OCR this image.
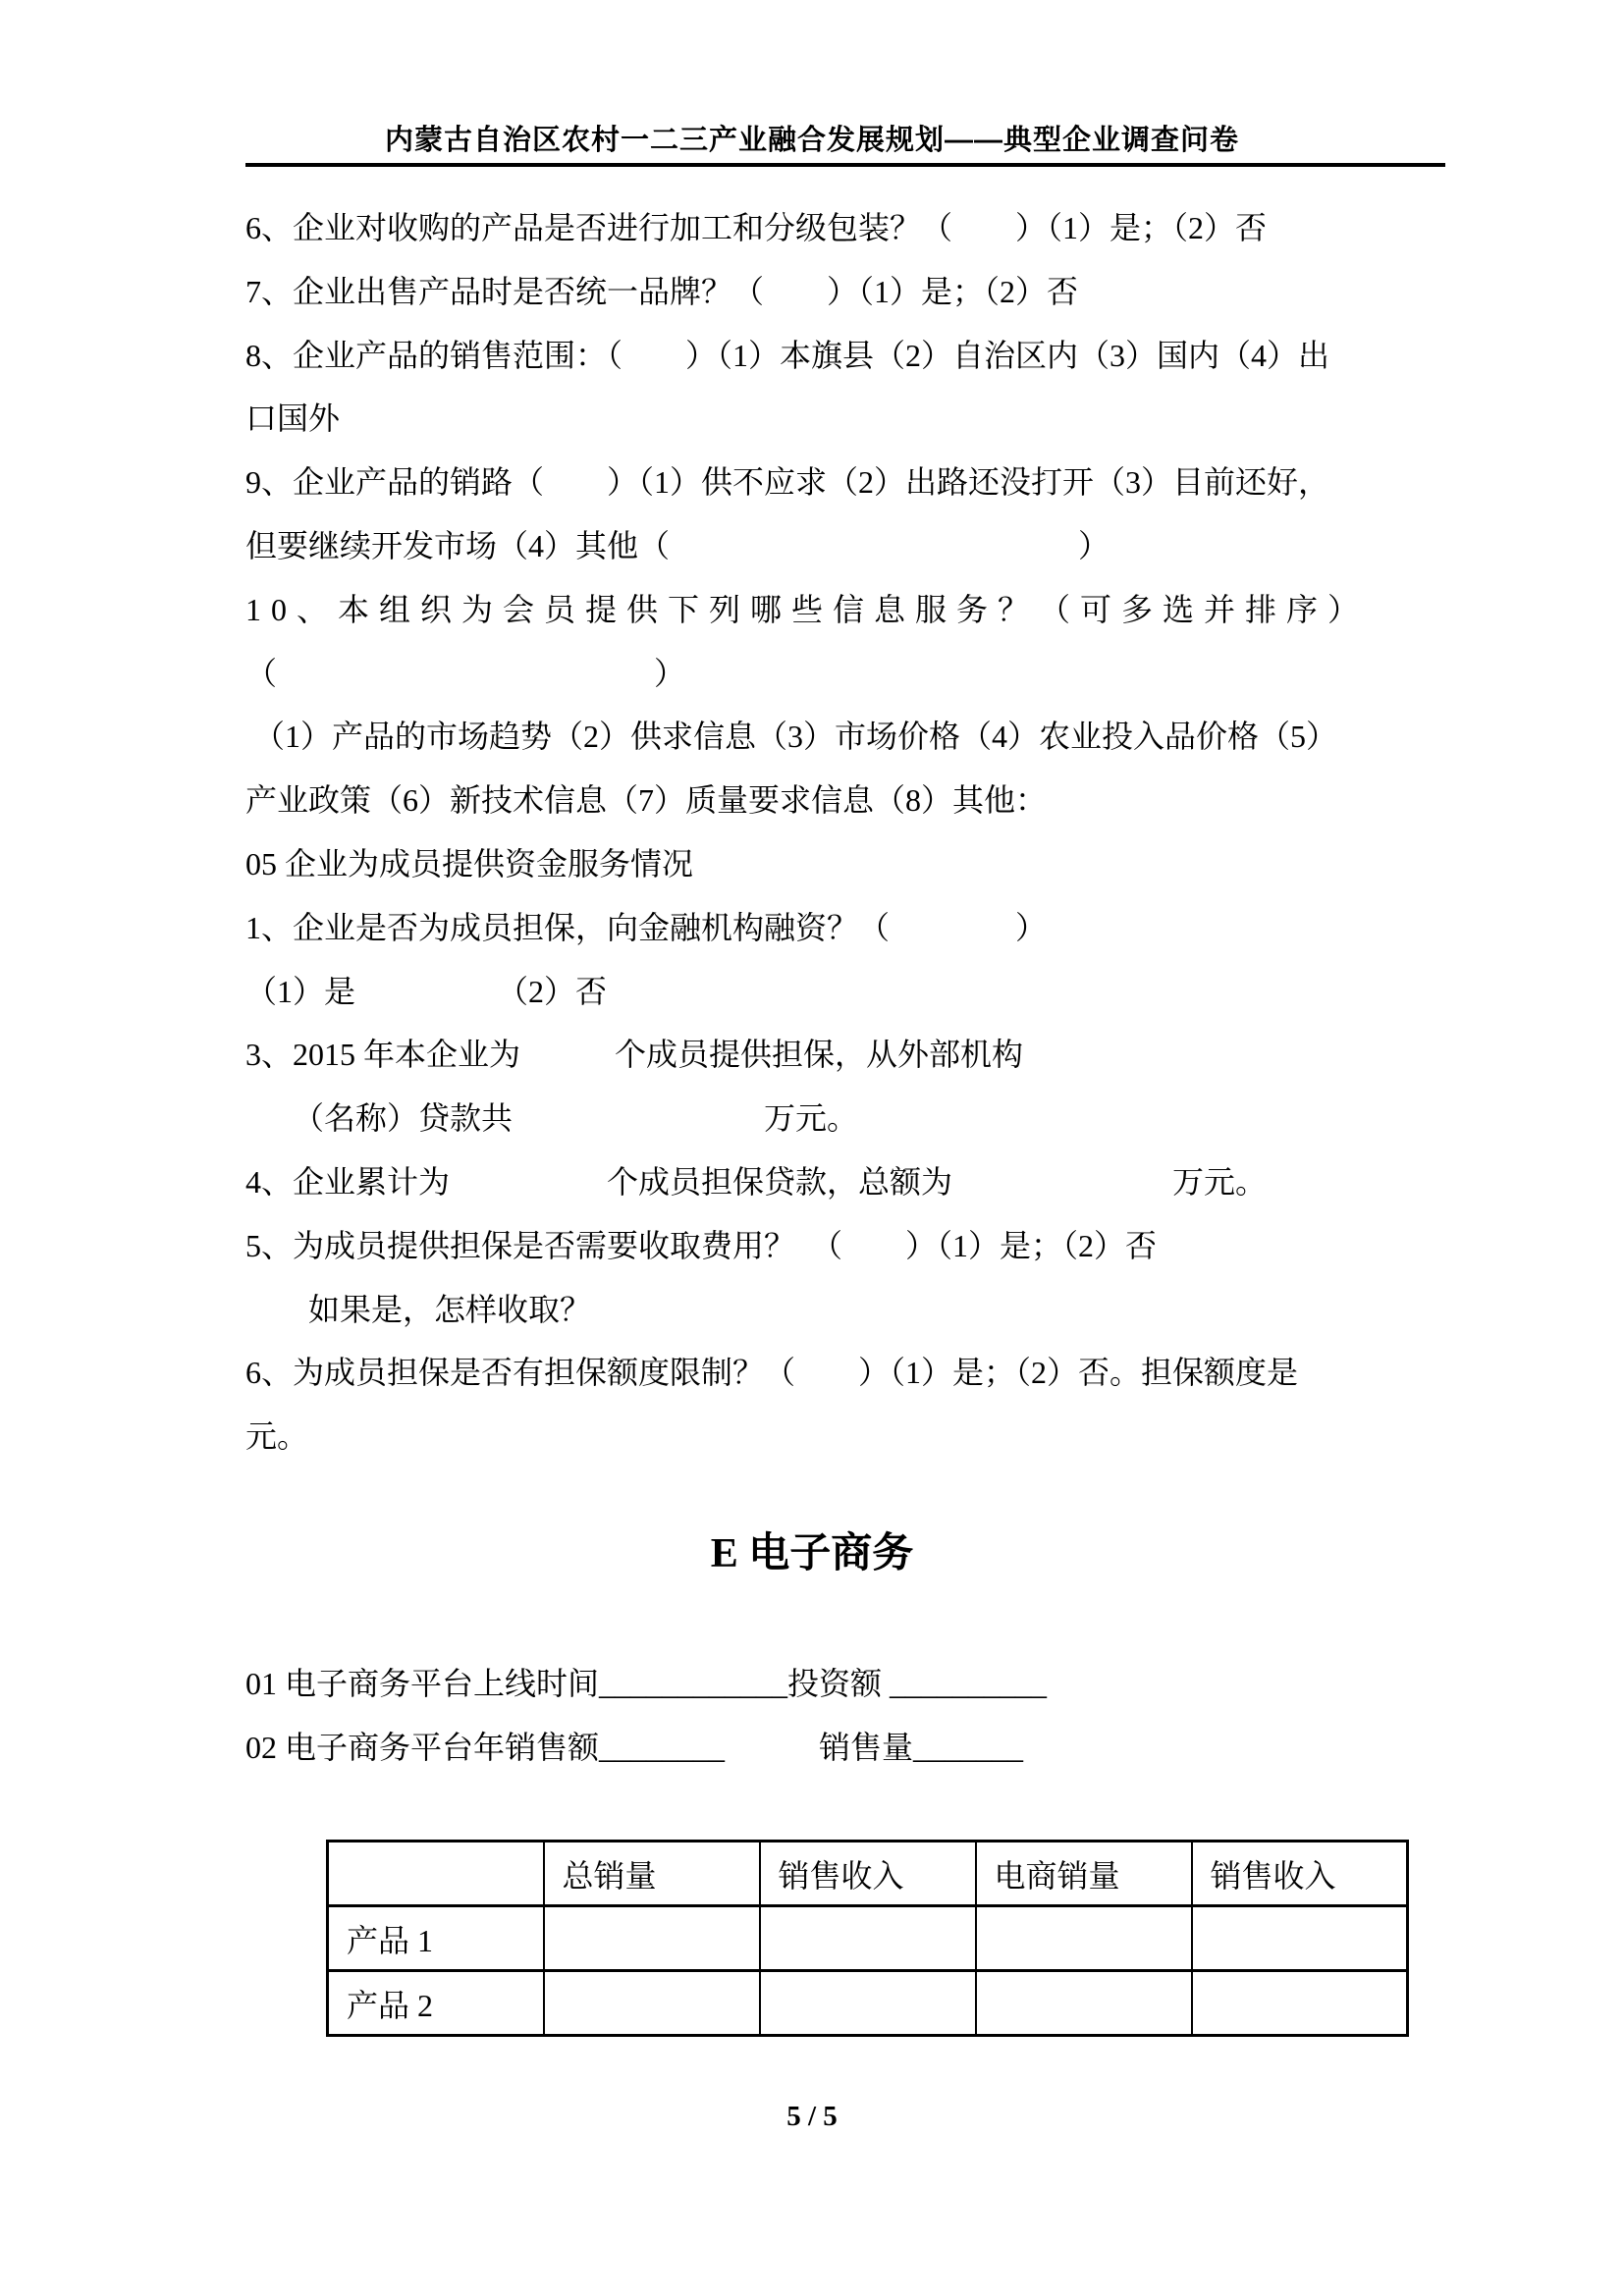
内蒙古自治区农村一二三产业融合发展规划——典型企业调查问卷
6、企业对收购的产品是否进行加工和分级包装？（　　）（1）是；（2）否
7、企业出售产品时是否统一品牌？（　　）（1）是；（2）否
8、企业产品的销售范围：（　　）（1）本旗县（2）自治区内（3）国内（4）出
口国外
9、企业产品的销路（　　）（1）供不应求（2）出路还没打开（3）目前还好，
但要继续开发市场（4）其他（　　　　　　　　　　　　　）
10、本组织为会员提供下列哪些信息服务？（可多选并排序）
（　　　　　　　　　　　　）
（1）产品的市场趋势（2）供求信息（3）市场价格（4）农业投入品价格（5）
产业政策（6）新技术信息（7）质量要求信息（8）其他：
05 企业为成员提供资金服务情况
1、企业是否为成员担保，向金融机构融资？（　　　　）
（1）是　　　　　（2）否
3、2015 年本企业为　　　个成员提供担保，从外部机构
　　（名称）贷款共　　　　　　　　万元。
4、企业累计为　　　　　个成员担保贷款，总额为　　　　　　　万元。
5、为成员提供担保是否需要收取费用？　（　　）（1）是；（2）否
　　如果是，怎样收取？
6、为成员担保是否有担保额度限制？（　　）（1）是；（2）否。担保额度是
元。
E 电子商务
01 电子商务平台上线时间____________投资额 __________
02 电子商务平台年销售额________　　　销售量_______
	总销量	销售收入	电商销量	销售收入
产品 1				
产品 2				
5 / 5
